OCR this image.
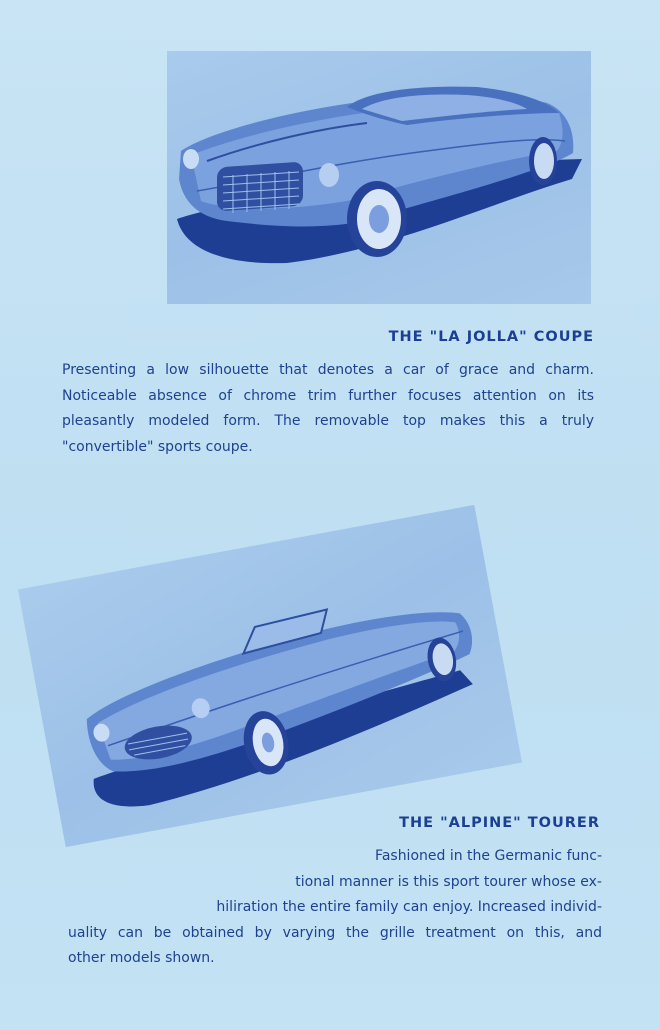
THE "LA JOLLA" COUPE
Presenting a low silhouette that denotes a car of grace and charm.
Noticeable absence of chrome trim further focuses attention on its
pleasantly modeled form. The removable top makes this a truly
"convertible" sports coupe.
THE "ALPINE" TOURER
Fashioned in the Germanic func-
tional manner is this sport tourer whose ex-
hiliration the entire family can enjoy. Increased individ-
uality can be obtained by varying the grille treatment on this, and
other models shown.
